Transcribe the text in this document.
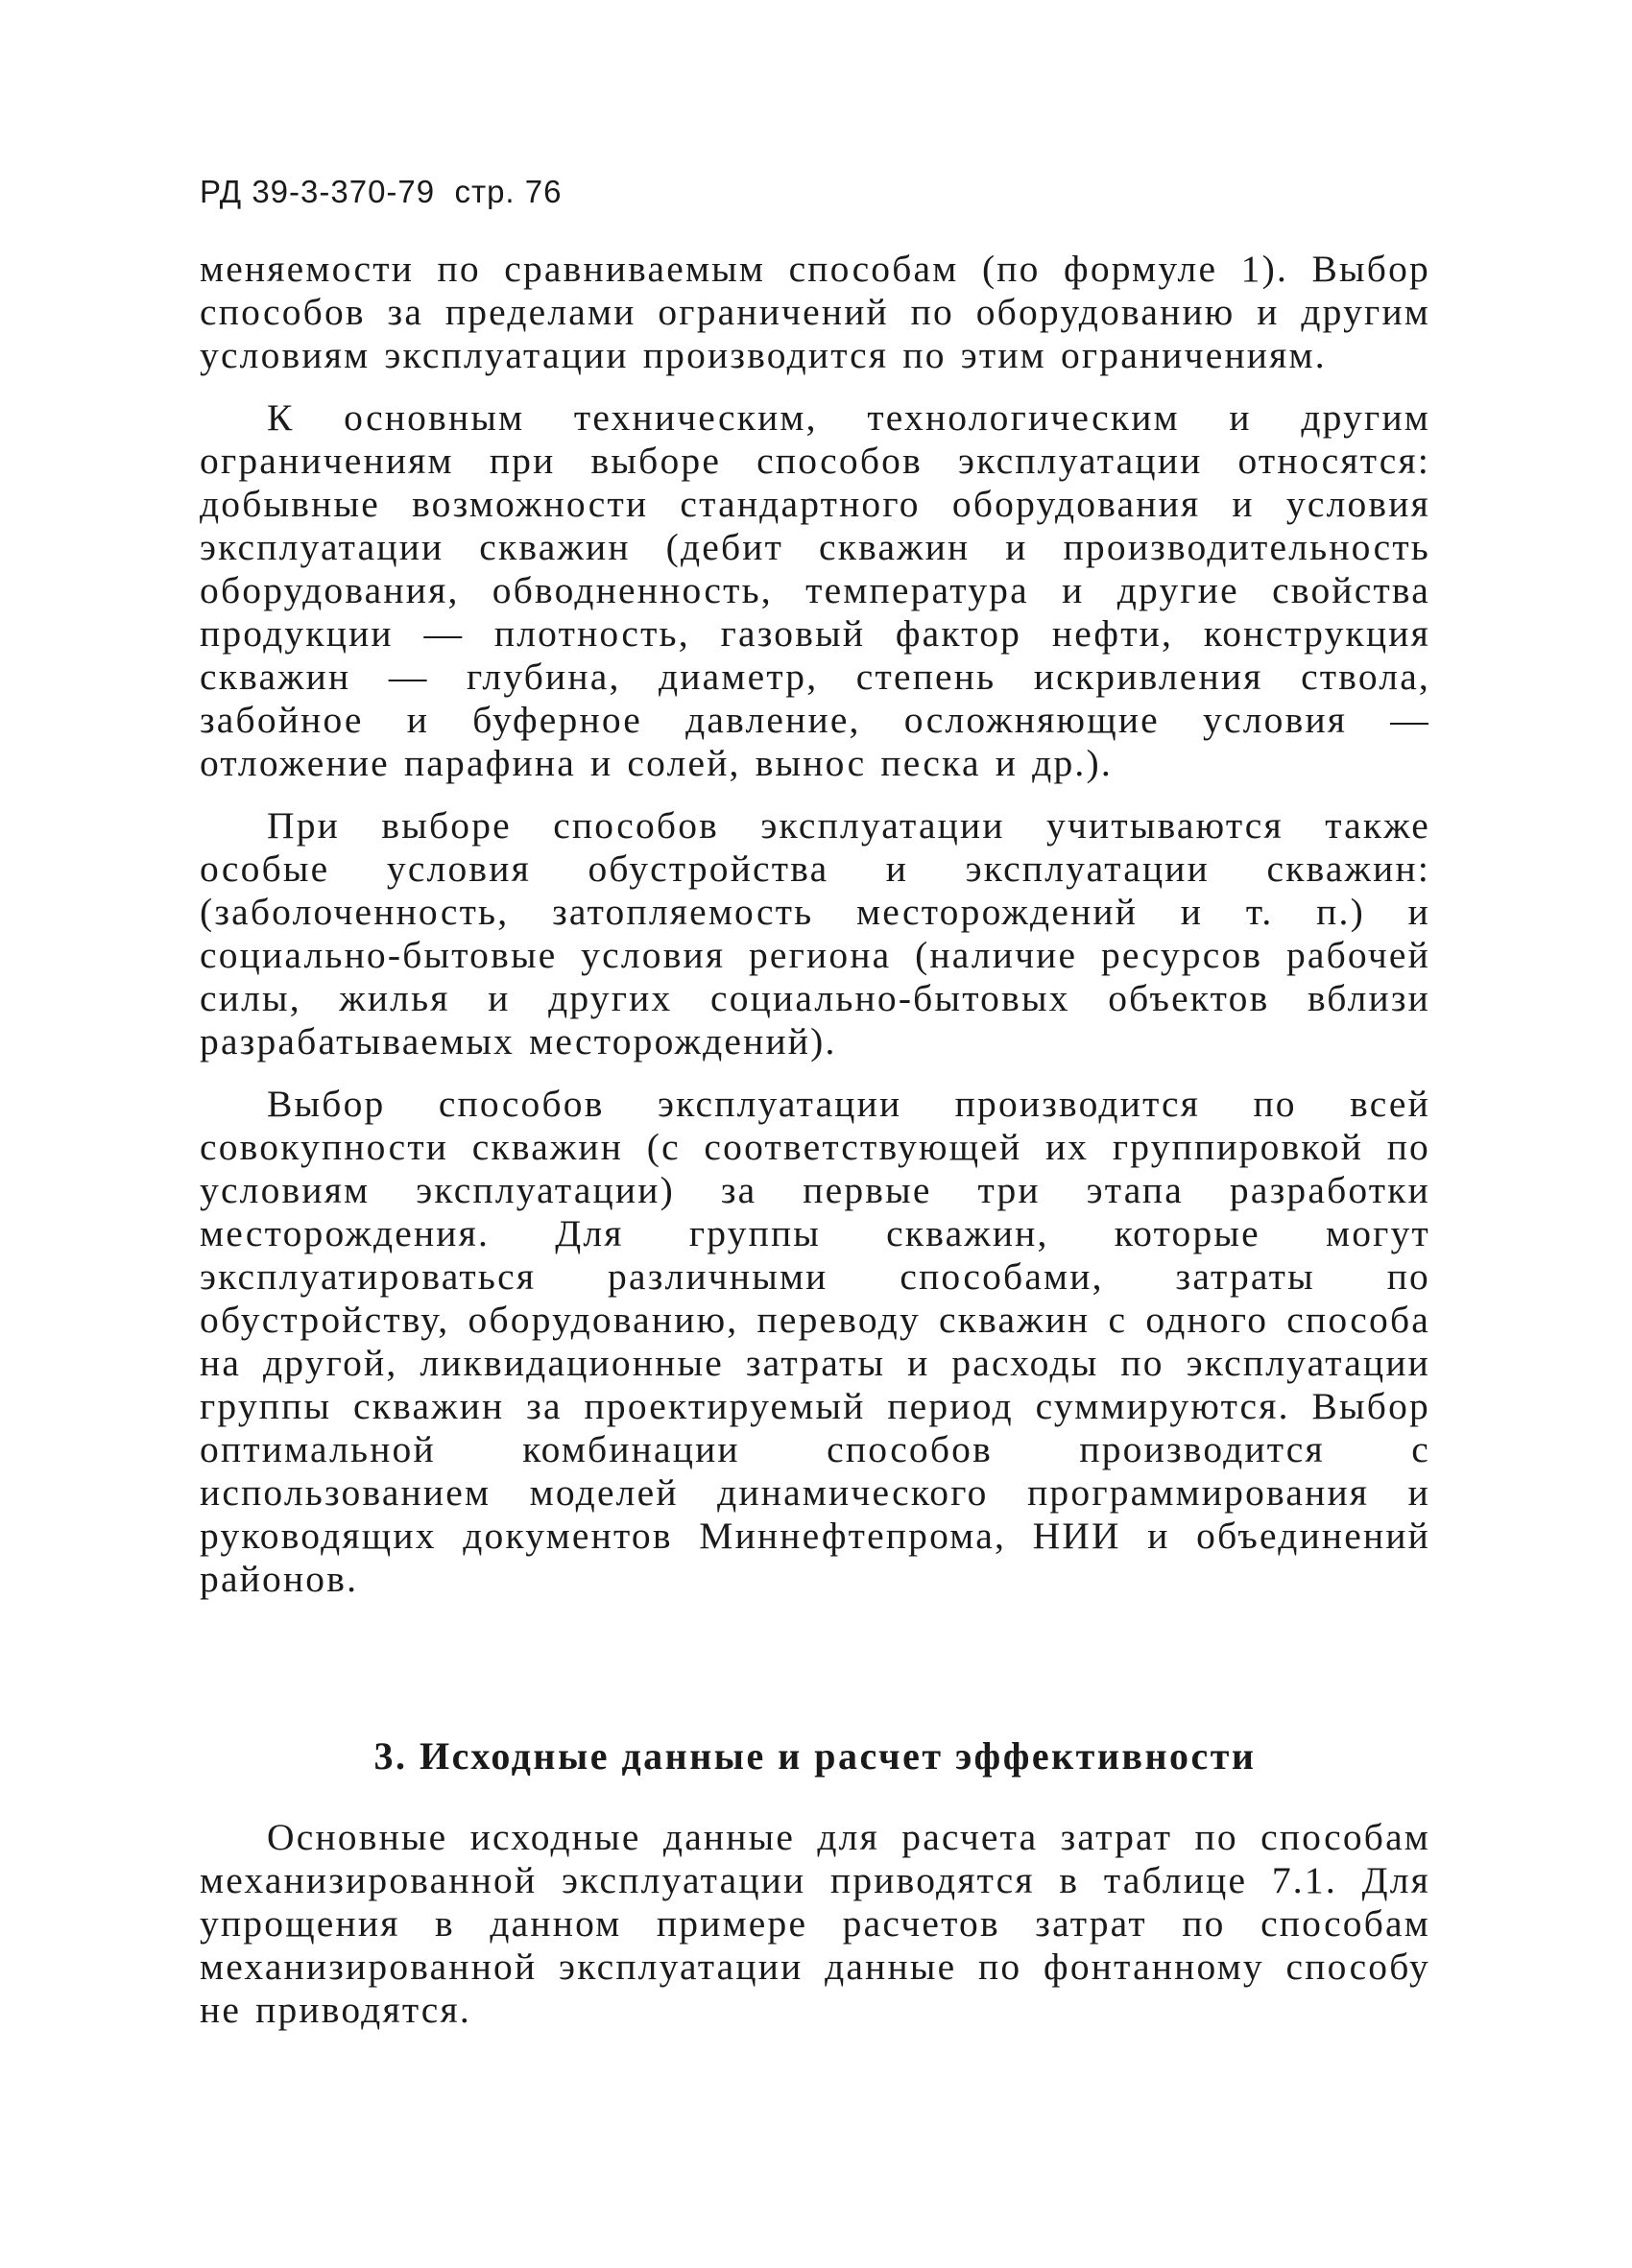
РД 39-3-370-79 стр. 76

меняемости по сравниваемым способам (по формуле 1). Выбор способов за пределами ограничений по оборудованию и другим условиям эксплуатации производится по этим ограничениям.

К основным техническим, технологическим и другим ограничениям при выборе способов эксплуатации относятся: добывные возможности стандартного оборудования и условия эксплуатации скважин (дебит скважин и производительность оборудования, обводненность, температура и другие свойства продукции — плотность, газовый фактор нефти, конструкция скважин — глубина, диаметр, степень искривления ствола, забойное и буферное давление, осложняющие условия — отложение парафина и солей, вынос песка и др.).

При выборе способов эксплуатации учитываются также особые условия обустройства и эксплуатации скважин: (заболоченность, затопляемость месторождений и т. п.) и социально-бытовые условия региона (наличие ресурсов рабочей силы, жилья и других социально-бытовых объектов вблизи разрабатываемых месторождений).

Выбор способов эксплуатации производится по всей совокупности скважин (с соответствующей их группировкой по условиям эксплуатации) за первые три этапа разработки месторождения. Для группы скважин, которые могут эксплуатироваться различными способами, затраты по обустройству, оборудованию, переводу скважин с одного способа на другой, ликвидационные затраты и расходы по эксплуатации группы скважин за проектируемый период суммируются. Выбор оптимальной комбинации способов производится с использованием моделей динамического программирования и руководящих документов Миннефтепрома, НИИ и объединений районов.

3. Исходные данные и расчет эффективности

Основные исходные данные для расчета затрат по способам механизированной эксплуатации приводятся в таблице 7.1. Для упрощения в данном примере расчетов затрат по способам механизированной эксплуатации данные по фонтанному способу не приводятся.
